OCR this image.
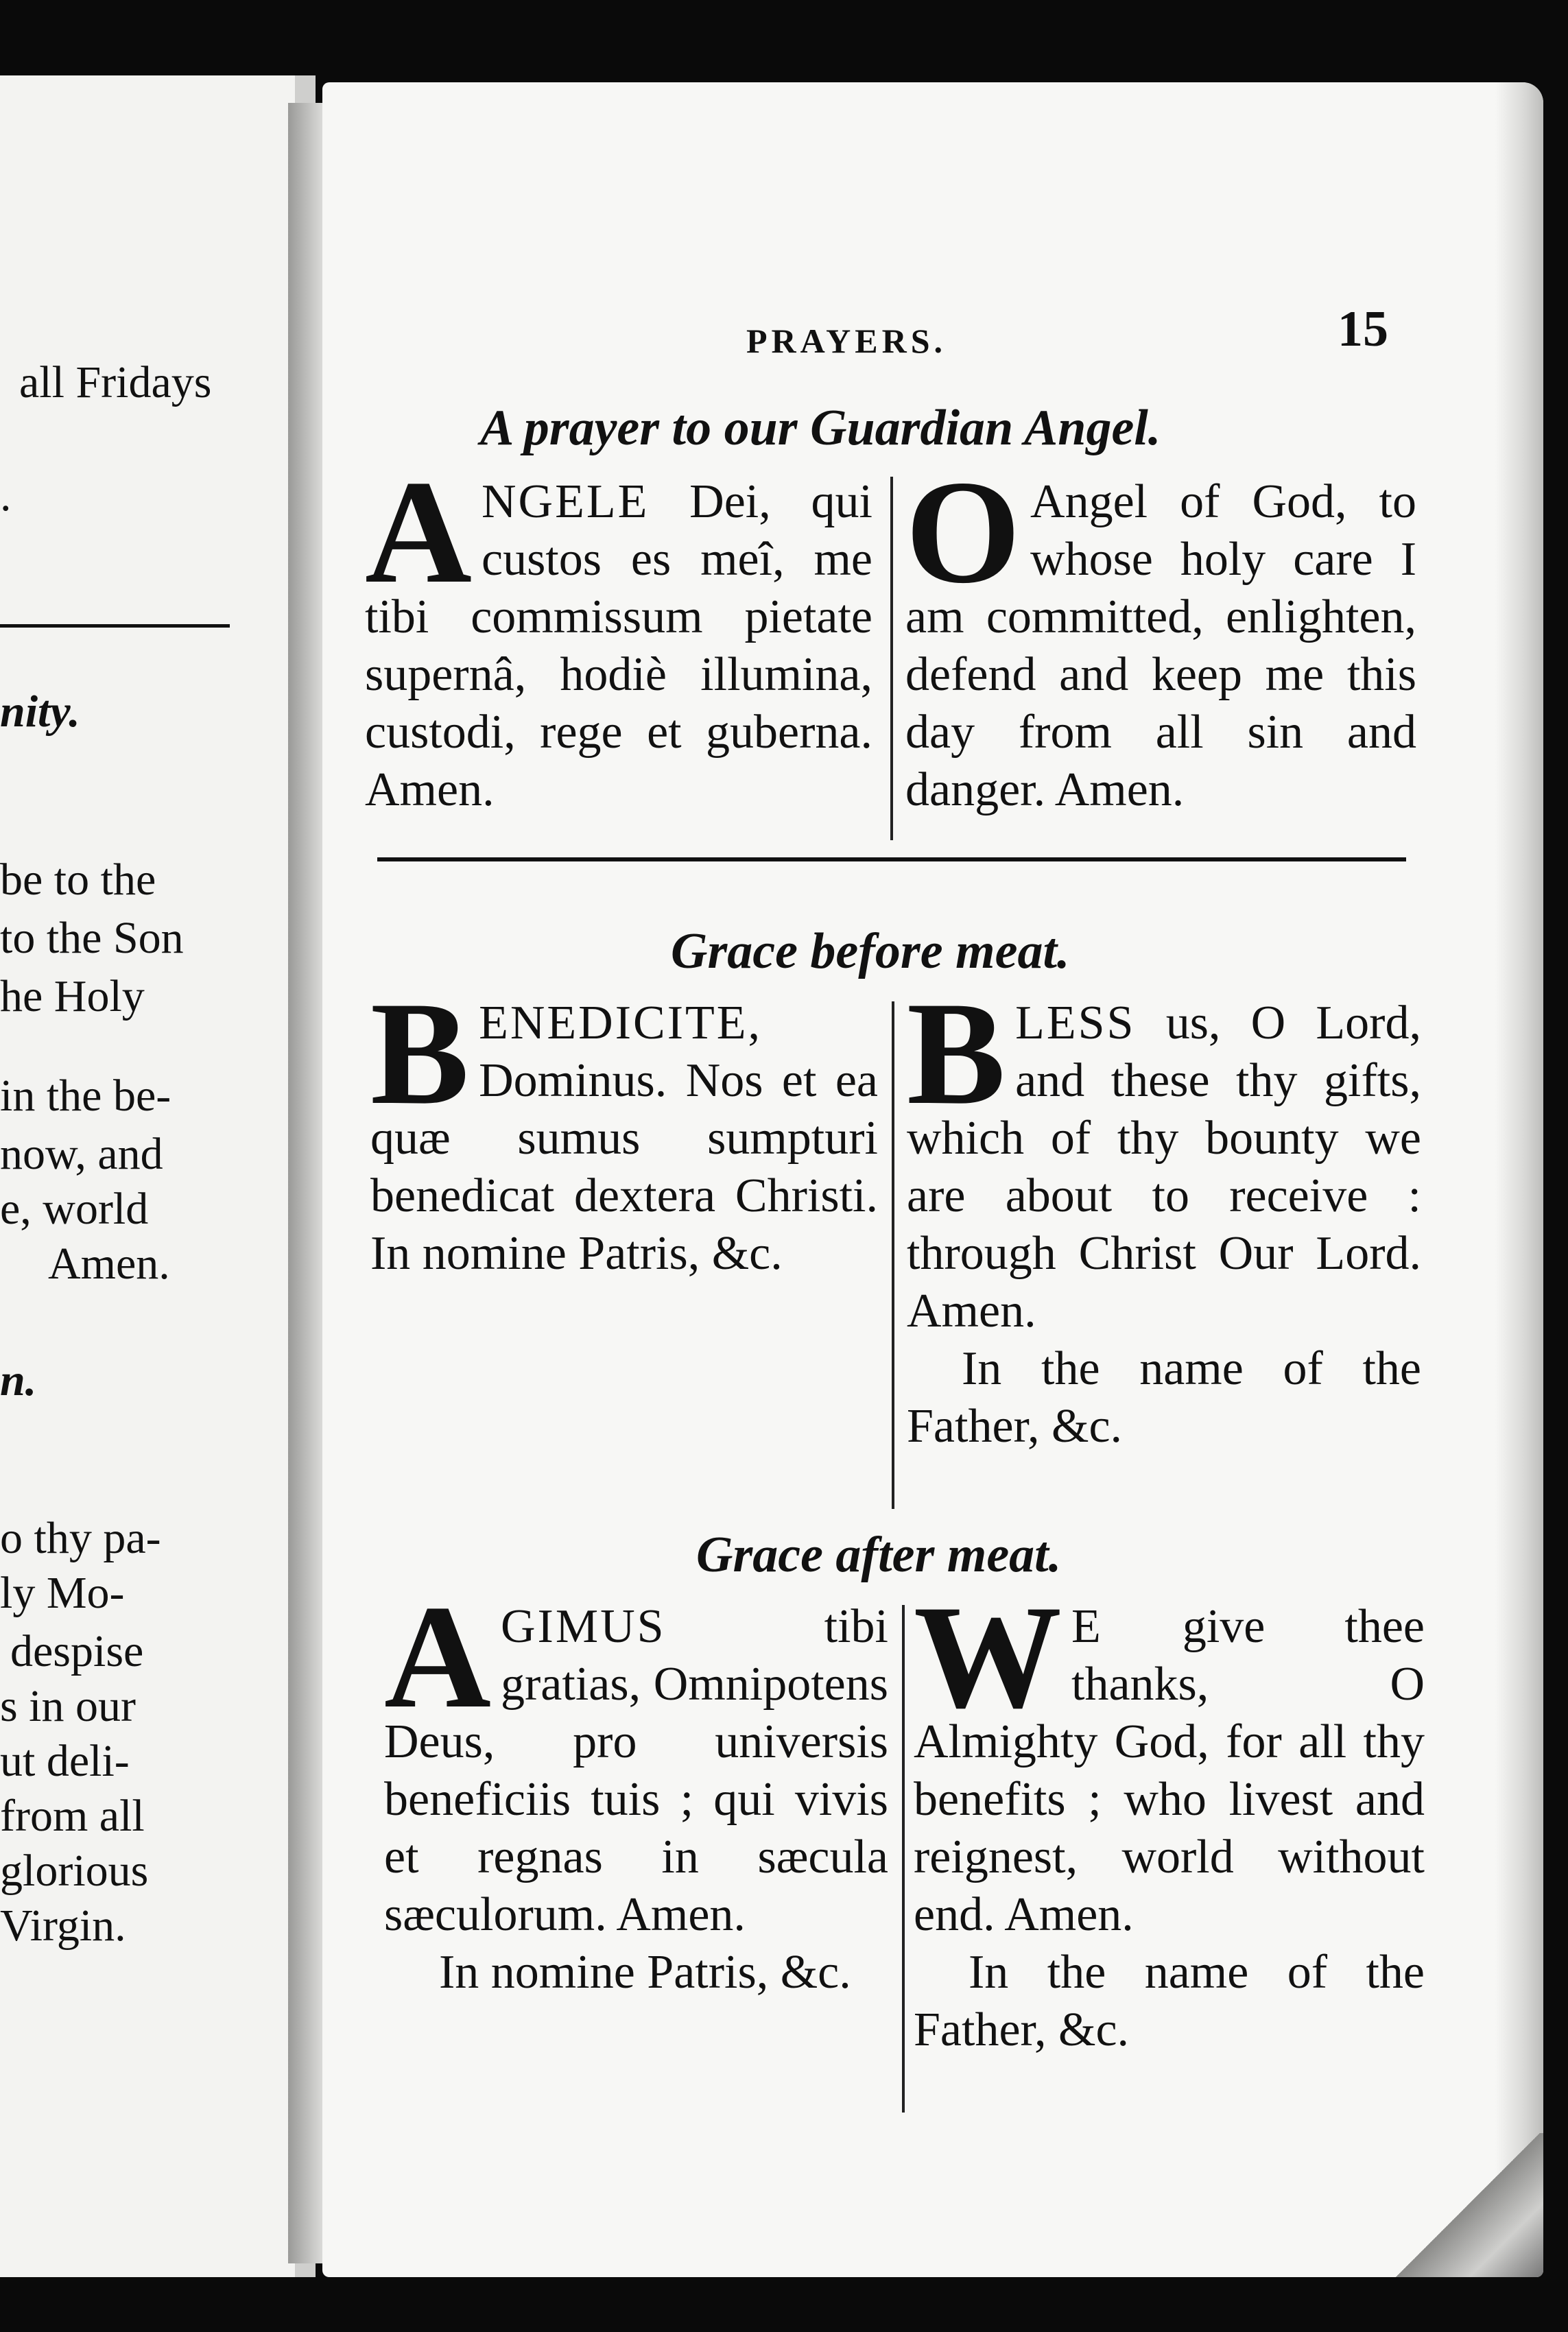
all Fridays
.
nity.
be to the
to the Son
he Holy
in the be-
now, and
e, world
Amen.
n.
o thy pa-
ly Mo-
despise
s in our
ut deli-
from all
glorious
Virgin.
PRAYERS.	15
A prayer to our Guardian Angel.

ANGELE Dei, qui custos es meî, me tibi commissum pietate supernâ, hodiè illumina, custodi, rege et guberna. Amen.

O Angel of God, to whose holy care I am committed, enlighten, defend and keep me this day from all sin and danger. Amen.

Grace before meat.

BENEDICITE, Dominus. Nos et ea quæ sumus sumpturi benedicat dextera Christi. In nomine Patris, &c.

BLESS us, O Lord, and these thy gifts, which of thy bounty we are about to receive : through Christ Our Lord. Amen.

In the name of the Father, &c.

Grace after meat.

AGIMUS tibi gratias, Omnipotens Deus, pro universis beneficiis tuis ; qui vivis et regnas in sæcula sæculorum. Amen.

In nomine Patris, &c.

W E give thee thanks, O Almighty God, for all thy benefits ; who livest and reignest, world without end. Amen.

In the name of the Father, &c.
